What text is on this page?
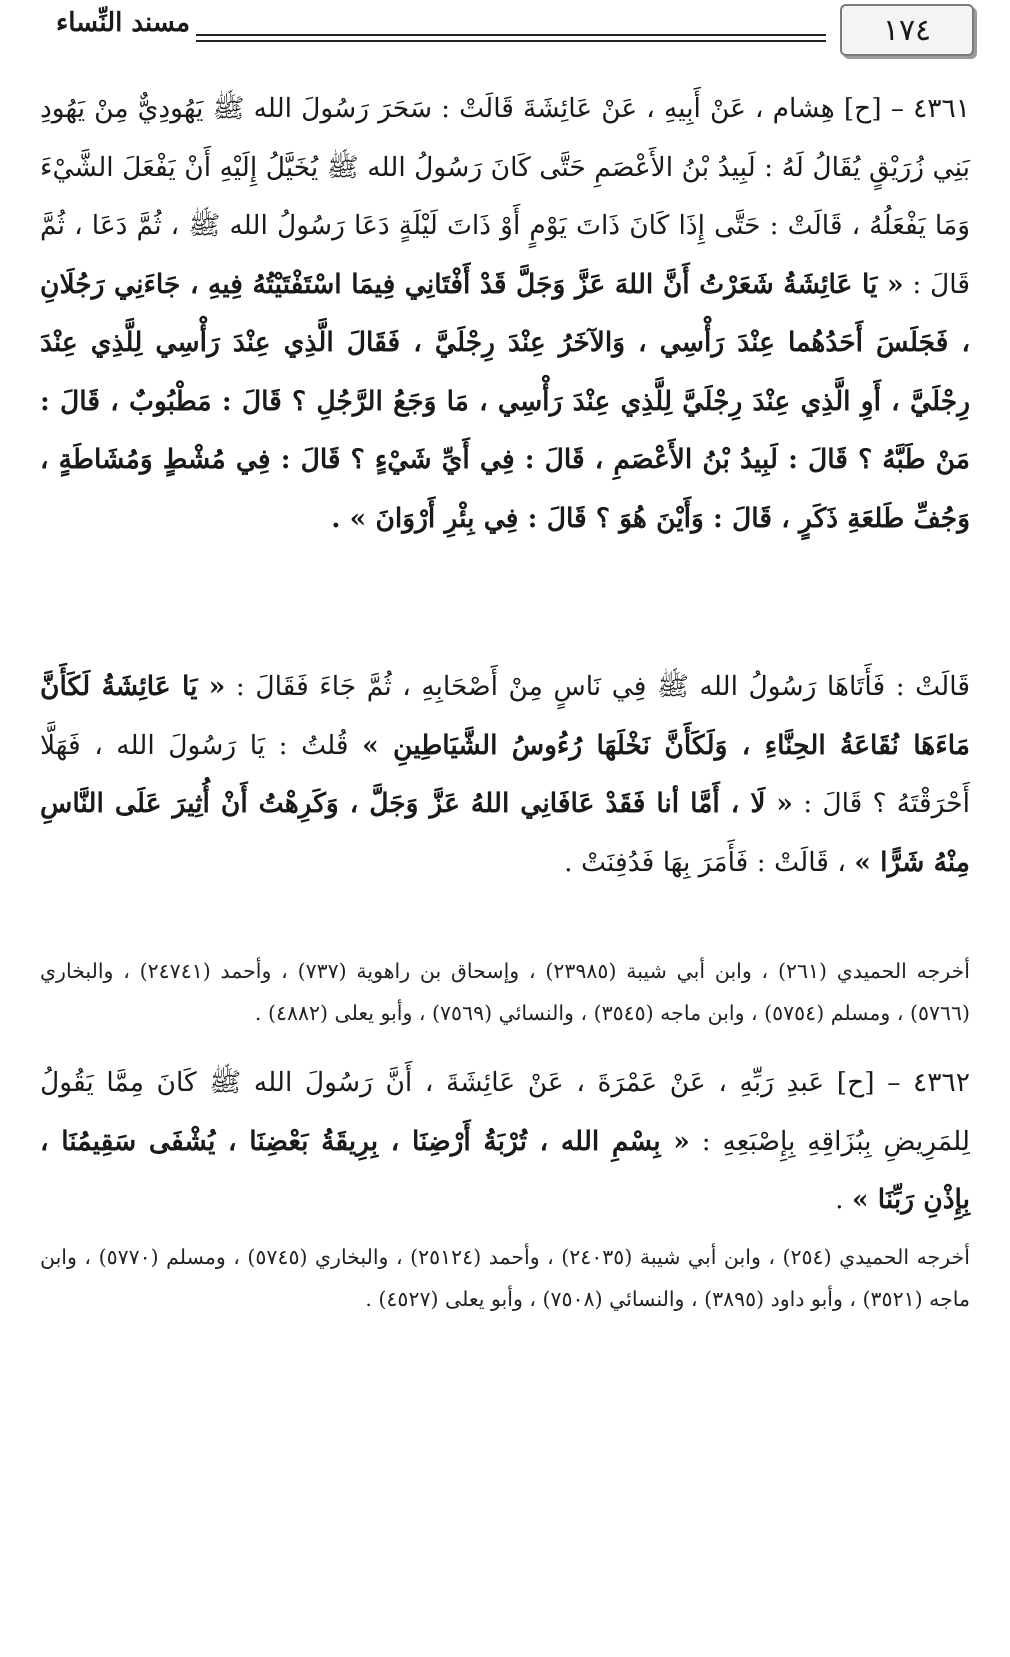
١٧٤
مسند النِّساء

٤٣٦١ – [ح] هِشام ، عَنْ أَبِيهِ ، عَنْ عَائِشَةَ قَالَتْ : سَحَرَ رَسُولَ الله ﷺ يَهُودِيٌّ مِنْ يَهُودِ بَنِي زُرَيْقٍ يُقَالُ لَهُ : لَبِيدُ بْنُ الأَعْصَمِ حَتَّى كَانَ رَسُولُ الله ﷺ يُخَيَّلُ إِلَيْهِ أَنْ يَفْعَلَ الشَّيْءَ وَمَا يَفْعَلُهُ ، قَالَتْ : حَتَّى إِذَا كَانَ ذَاتَ يَوْمٍ أَوْ ذَاتَ لَيْلَةٍ دَعَا رَسُولُ الله ﷺ ، ثُمَّ دَعَا ، ثُمَّ قَالَ : « يَا عَائِشَةُ شَعَرْتُ أَنَّ اللهَ عَزَّ وَجَلَّ قَدْ أَفْتَانِي فِيمَا اسْتَفْتَيْتُهُ فِيهِ ، جَاءَنِي رَجُلَانِ ، فَجَلَسَ أَحَدُهُما عِنْدَ رَأْسِي ، وَالآخَرُ عِنْدَ رِجْلَيَّ ، فَقَالَ الَّذِي عِنْدَ رَأْسِي لِلَّذِي عِنْدَ رِجْلَيَّ ، أَوِ الَّذِي عِنْدَ رِجْلَيَّ لِلَّذِي عِنْدَ رَأْسِي ، مَا وَجَعُ الرَّجُلِ ؟ قَالَ : مَطْبُوبٌ ، قَالَ : مَنْ طَبَّهُ ؟ قَالَ : لَبِيدُ بْنُ الأَعْصَمِ ، قَالَ : فِي أَيِّ شَيْءٍ ؟ قَالَ : فِي مُشْطٍ وَمُشَاطَةٍ ، وَجُفِّ طَلعَةِ ذَكَرٍ ، قَالَ : وَأَيْنَ هُوَ ؟ قَالَ : فِي بِئْرِ أَرْوَانَ » .

قَالَتْ : فَأَتَاهَا رَسُولُ الله ﷺ فِي نَاسٍ مِنْ أَصْحَابِهِ ، ثُمَّ جَاءَ فَقَالَ : « يَا عَائِشَةُ لَكَأَنَّ مَاءَهَا نُقَاعَةُ الحِنَّاءِ ، وَلَكَأَنَّ نَخْلَهَا رُءُوسُ الشَّيَاطِينِ » قُلتُ : يَا رَسُولَ الله ، فَهَلَّا أَحْرَقْتَهُ ؟ قَالَ : « لَا ، أَمَّا أنا فَقَدْ عَافَانِي اللهُ عَزَّ وَجَلَّ ، وَكَرِهْتُ أَنْ أُثِيرَ عَلَى النَّاسِ مِنْهُ شَرًّا » ، قَالَتْ : فَأَمَرَ بِهَا فَدُفِنَتْ .

أخرجه الحميدي (٢٦١) ، وابن أبي شيبة (٢٣٩٨٥) ، وإسحاق بن راهوية (٧٣٧) ، وأحمد (٢٤٧٤١) ، والبخاري (٥٧٦٦) ، ومسلم (٥٧٥٤) ، وابن ماجه (٣٥٤٥) ، والنسائي (٧٥٦٩) ، وأبو يعلى (٤٨٨٢) .

٤٣٦٢ – [ح] عَبدِ رَبِّهِ ، عَنْ عَمْرَةَ ، عَنْ عَائِشَةَ ، أَنَّ رَسُولَ الله ﷺ كَانَ مِمَّا يَقُولُ لِلمَرِيضِ بِبُزَاقِهِ بِإِصْبَعِهِ : « بِسْمِ الله ، تُرْبَةُ أَرْضِنَا ، بِرِيقَةُ بَعْضِنَا ، يُشْفَى سَقِيمُنَا ، بِإِذْنِ رَبِّنَا » .

أخرجه الحميدي (٢٥٤) ، وابن أبي شيبة (٢٤٠٣٥) ، وأحمد (٢٥١٢٤) ، والبخاري (٥٧٤٥) ، ومسلم (٥٧٧٠) ، وابن ماجه (٣٥٢١) ، وأبو داود (٣٨٩٥) ، والنسائي (٧٥٠٨) ، وأبو يعلى (٤٥٢٧) .
